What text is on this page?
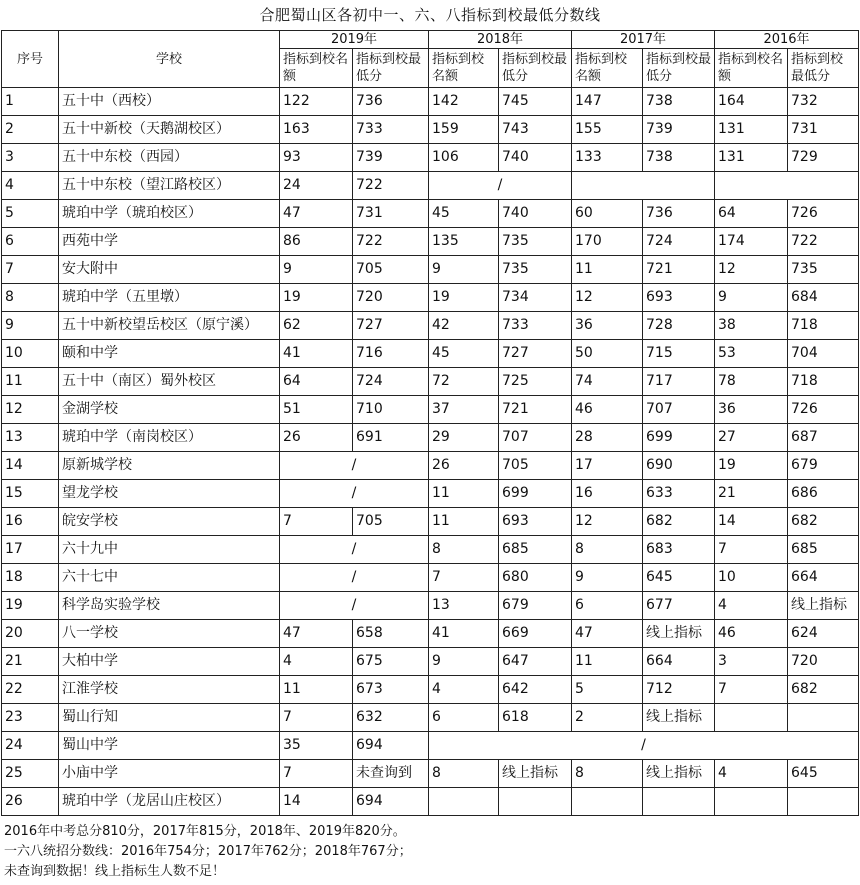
合肥蜀山区各初中一、六、八指标到校最低分数线
序号	学校	2019年		2018年		2017年		2016年	
		指标到校名额	指标到校最低分	指标到校名额	指标到校最低分	指标到校名额	指标到校最低分	指标到校名额	指标到校最低分
1	五十中（西校）	122	736	142	745	147	738	164	732
2	五十中新校（天鹅湖校区）	163	733	159	743	155	739	131	731
3	五十中东校（西园）	93	739	106	740	133	738	131	729
4	五十中东校（望江路校区）	24	722	/					
5	琥珀中学（琥珀校区）	47	731	45	740	60	736	64	726
6	西苑中学	86	722	135	735	170	724	174	722
7	安大附中	9	705	9	735	11	721	12	735
8	琥珀中学（五里墩）	19	720	19	734	12	693	9	684
9	五十中新校望岳校区（原宁溪）	62	727	42	733	36	728	38	718
10	颐和中学	41	716	45	727	50	715	53	704
11	五十中（南区）蜀外校区	64	724	72	725	74	717	78	718
12	金湖学校	51	710	37	721	46	707	36	726
13	琥珀中学（南岗校区）	26	691	29	707	28	699	27	687
14	原新城学校	/		26	705	17	690	19	679
15	望龙学校	/		11	699	16	633	21	686
16	皖安学校	7	705	11	693	12	682	14	682
17	六十九中	/		8	685	8	683	7	685
18	六十七中	/		7	680	9	645	10	664
19	科学岛实验学校	/		13	679	6	677	4	线上指标
20	八一学校	47	658	41	669	47	线上指标	46	624
21	大柏中学	4	675	9	647	11	664	3	720
22	江淮学校	11	673	4	642	5	712	7	682
23	蜀山行知	7	632	6	618	2	线上指标		
24	蜀山中学	35	694	/					
25	小庙中学	7	未查询到	8	线上指标	8	线上指标	4	645
26	琥珀中学（龙居山庄校区）	14	694						
2016年中考总分810分，2017年815分，2018年、2019年820分。
一六八统招分数线：2016年754分；2017年762分；2018年767分；
未查询到数据！线上指标生人数不足！
